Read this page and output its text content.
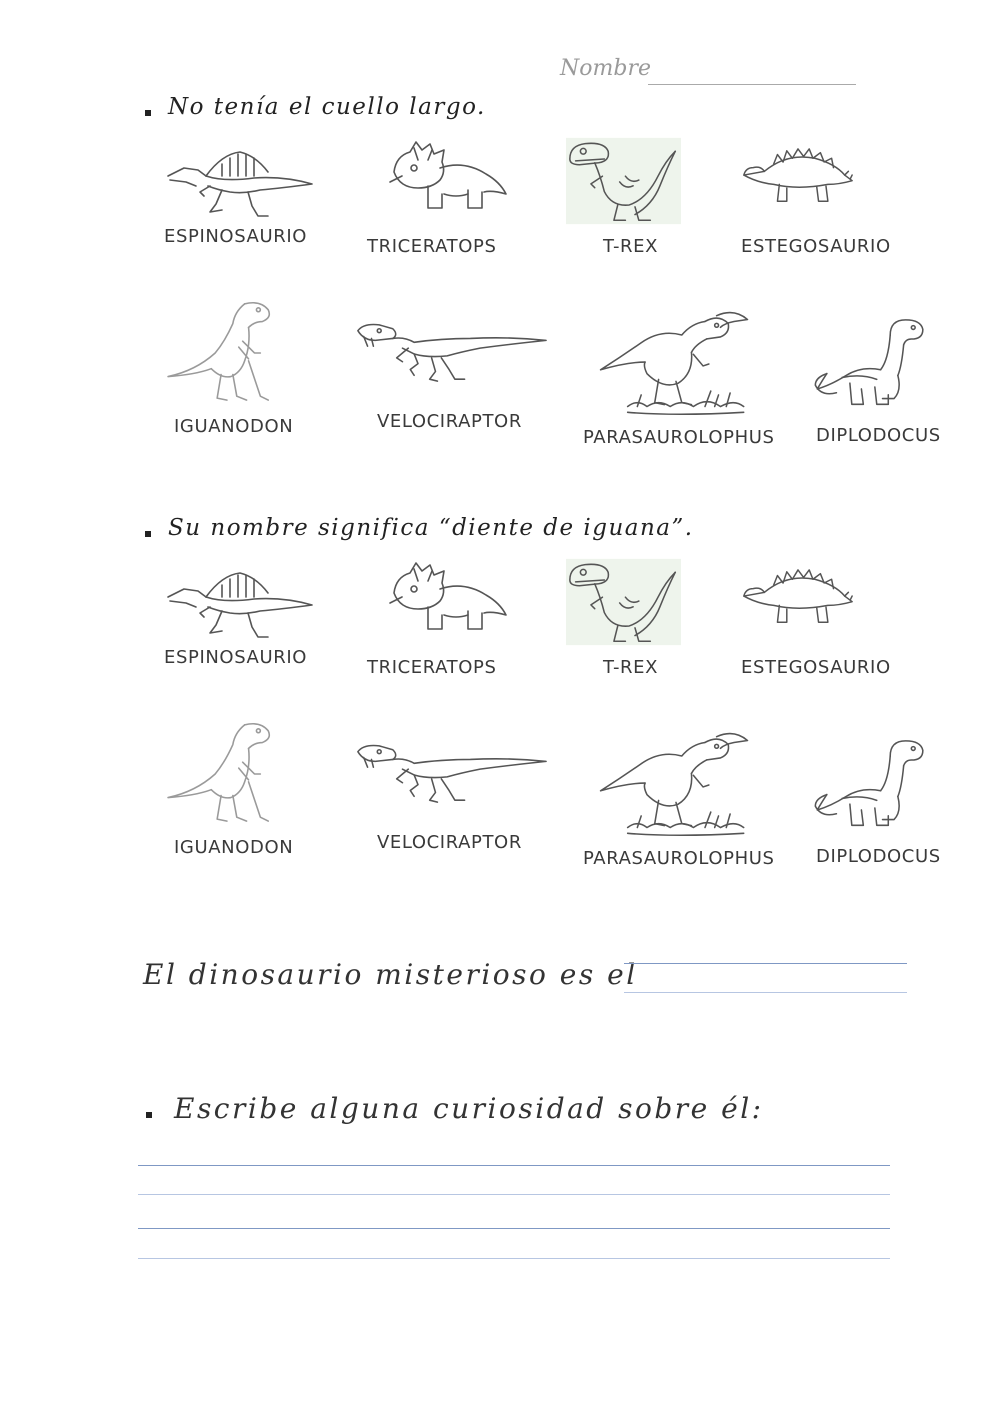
Nombre
No tenía el cuello largo.
Su nombre significa “diente de iguana”.
ESPINOSAURIO	TRICERATOPS	T-REX	ESTEGOSAURIO
IGUANODON	VELOCIRAPTOR
PARASAUROLOPHUS DIPLODOCUS
ESPINOSAURIO	TRICERATOPS	T-REX	ESTEGOSAURIO
IGUANODON	VELOCIRAPTOR
PARASAUROLOPHUS DIPLODOCUS
El dinosaurio misterioso es el
Escribe alguna curiosidad sobre él:
